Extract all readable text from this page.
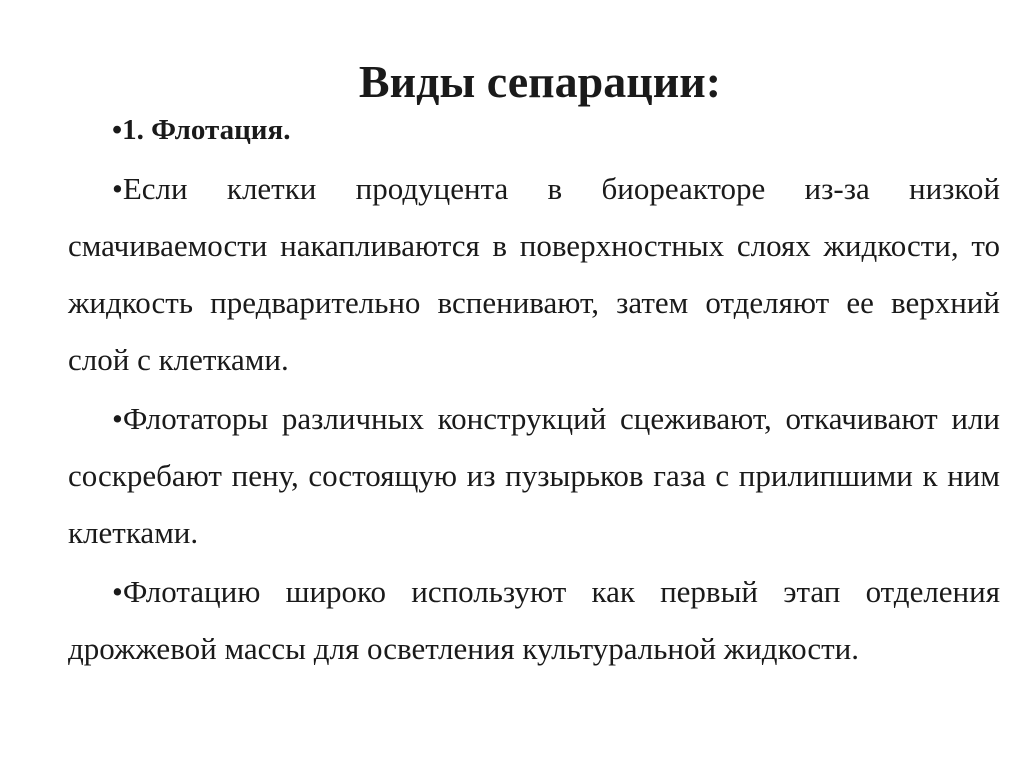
Виды сепарации:
•1. Флотация.

•Если клетки продуцента в биореакторе из-за низкой смачиваемости накапливаются в поверхностных слоях жидкости, то жидкость предварительно вспенивают, затем отделяют ее верхний слой с клетками.

•Флотаторы различных конструкций сцеживают, откачивают или соскребают пену, состоящую из пузырьков газа с прилипшими к ним клетками.

•Флотацию широко используют как первый этап отделения дрожжевой массы для осветления культуральной жидкости.
